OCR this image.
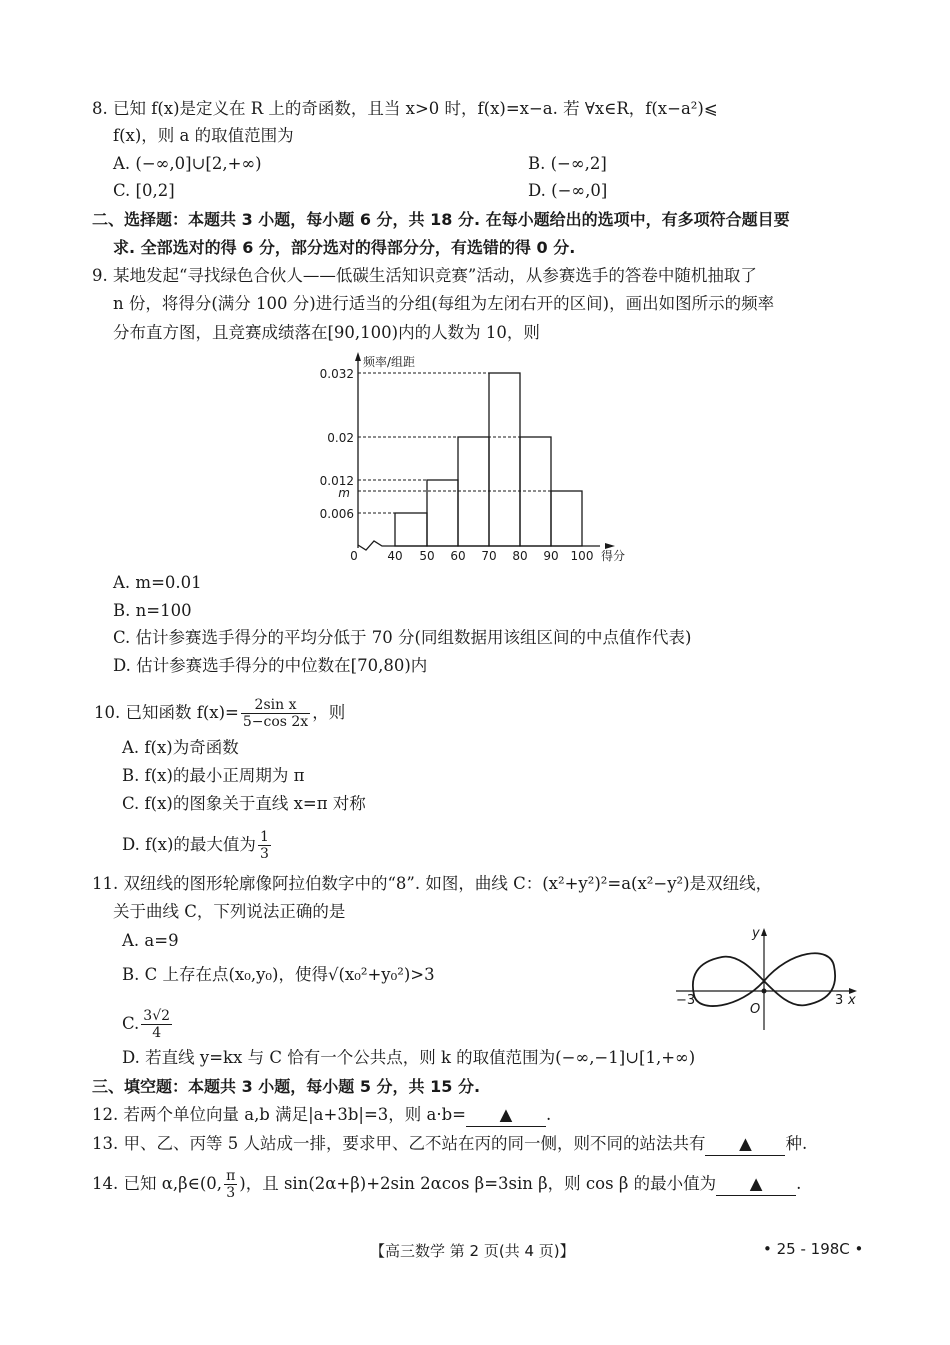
8. 已知 f(x)是定义在 R 上的奇函数，且当 x>0 时，f(x)=x−a. 若 ∀x∈R，f(x−a²)⩽
f(x)，则 a 的取值范围为
A. (−∞,0]∪[2,+∞)	B. (−∞,2]
C. [0,2]	D. (−∞,0]
二、选择题：本题共 3 小题，每小题 6 分，共 18 分. 在每小题给出的选项中，有多项符合题目要
求. 全部选对的得 6 分，部分选对的得部分分，有选错的得 0 分.
9. 某地发起“寻找绿色合伙人——低碳生活知识竞赛”活动，从参赛选手的答卷中随机抽取了
n 份，将得分(满分 100 分)进行适当的分组(每组为左闭右开的区间)，画出如图所示的频率
分布直方图，且竞赛成绩落在[90,100)内的人数为 10，则
0.032
0.02
0.012
m
0.006
频率/组距
0 40 50 60 70 80 90 100 得分
A. m=0.01
B. n=100
C. 估计参赛选手得分的平均分低于 70 分(同组数据用该组区间的中点值作代表)
D. 估计参赛选手得分的中位数在[70,80)内
10. 已知函数 $f(x)= \frac{\text{2sin x}}{5-\cos 2x}$ ，则
A. f(x)为奇函数
B. f(x)的最小正周期为 π
C. f(x)的图象关于直线 x=π 对称
D. f(x)的最大值为 $\frac{1}{3}$
11. 双纽线的图形轮廓像阿拉伯数字中的“8”. 如图，曲线 C：(x²+y²)²=a(x²−y²)是双纽线，
关于曲线 C，下列说法正确的是
A. a=9
B. C 上存在点(x₀,y₀)，使得√(x₀²+y₀²)>3
C. $\frac{3√2}{4}$
D. 若直线 y=kx 与 C 恰有一个公共点，则 k 的取值范围为(−∞,−1]∪[1,+∞)
y
−3	3 x
O
三、填空题：本题共 3 小题，每小题 5 分，共 15 分.
12. 若两个单位向量 a,b 满足|a+3b|=3，则 a·b= ▲ .
13. 甲、乙、丙等 5 人站成一排，要求甲、乙不站在丙的同一侧，则不同的站法共有 ▲ 种.
14. 已知 α,β∈(0, $\frac{\pi}{3}$ )，且 sin(2α+β)+2sin 2αcos β=3sin β，则 cos β 的最小值为 ▲ .
【高三数学 第 2 页(共 4 页)】	• 25 - 198C •
